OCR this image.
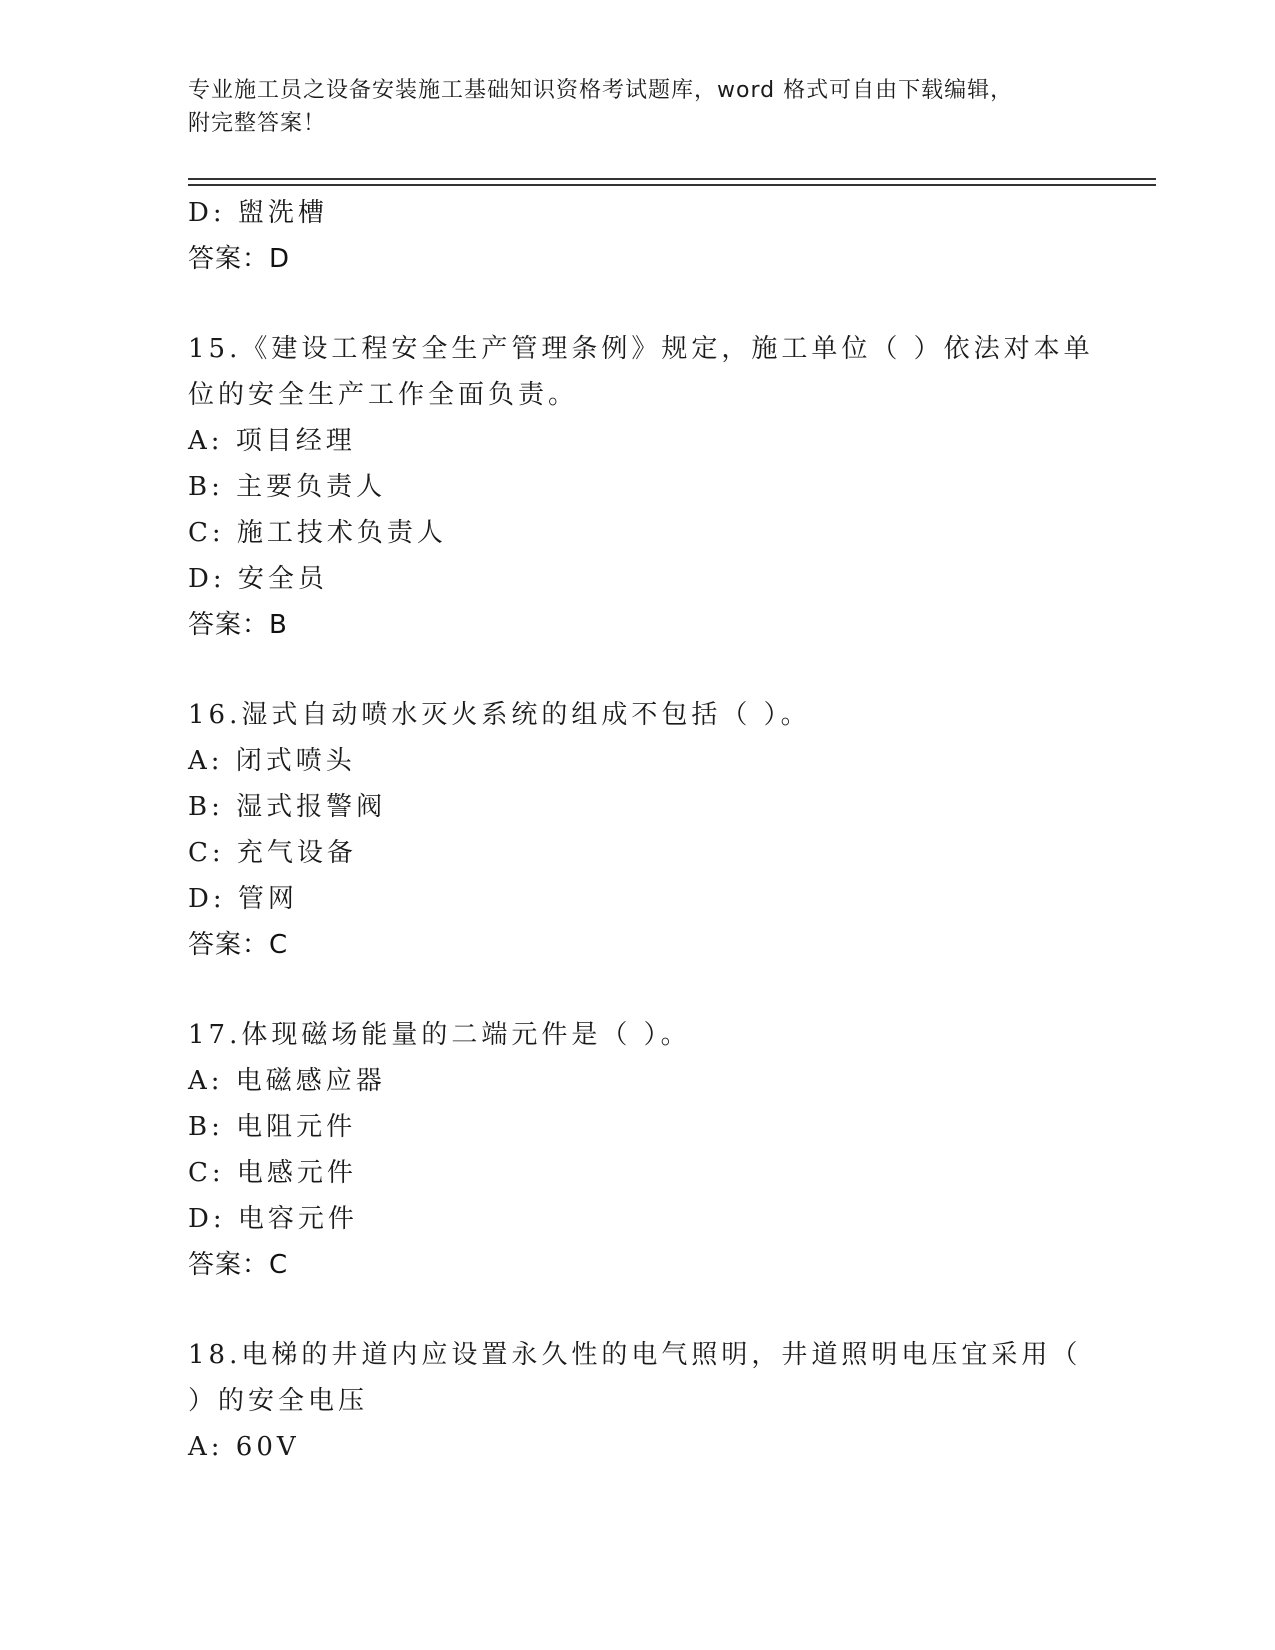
专业施工员之设备安装施工基础知识资格考试题库，word 格式可自由下载编辑，
附完整答案！
D: 盥洗槽
答案：D
15.《建设工程安全生产管理条例》规定，施工单位（ ）依法对本单
位的安全生产工作全面负责。
A: 项目经理
B: 主要负责人
C: 施工技术负责人
D: 安全员
答案：B
16.湿式自动喷水灭火系统的组成不包括（ ）。
A: 闭式喷头
B: 湿式报警阀
C: 充气设备
D: 管网
答案：C
17.体现磁场能量的二端元件是（ ）。
A: 电磁感应器
B: 电阻元件
C: 电感元件
D: 电容元件
答案：C
18.电梯的井道内应设置永久性的电气照明，井道照明电压宜采用（
）的安全电压
A: 60V
